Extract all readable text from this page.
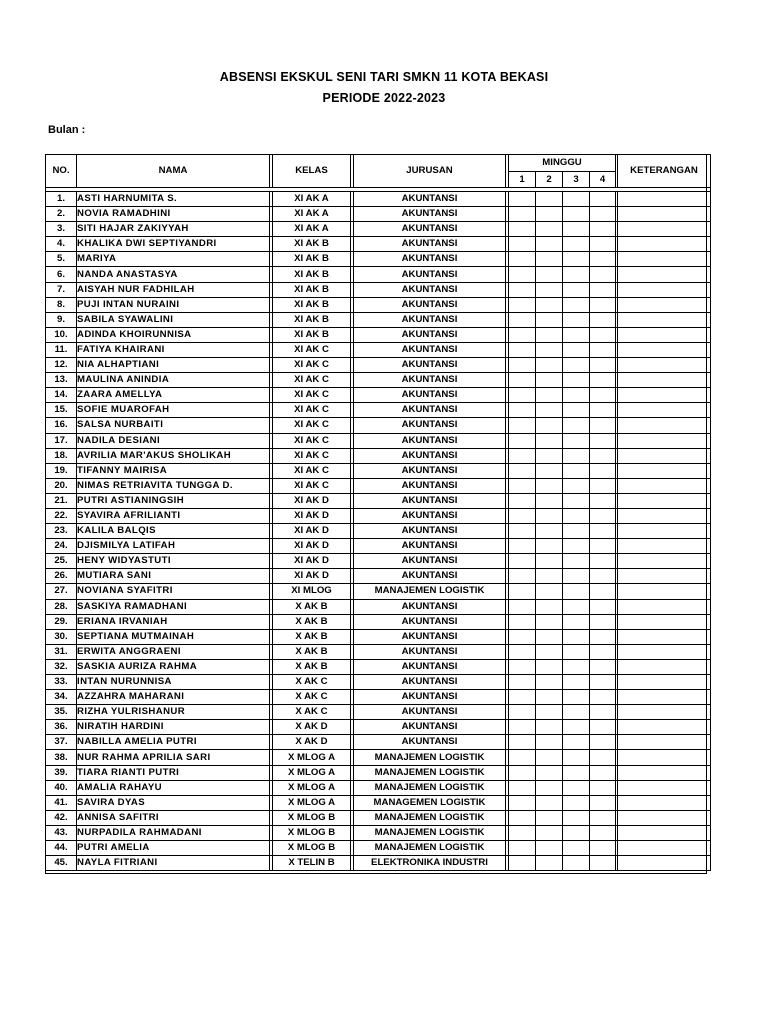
ABSENSI EKSKUL SENI TARI SMKN 11 KOTA BEKASI
PERIODE 2022-2023
Bulan :
NO.	NAMA		KELAS		JURUSAN		MINGGU					KETERANGAN
							1	2	3	4		

1.	ASTI HARNUMITA S.		XI AK A		AKUNTANSI							
2.	NOVIA RAMADHINI		XI AK A		AKUNTANSI							
3.	SITI HAJAR ZAKIYYAH		XI AK A		AKUNTANSI							
4.	KHALIKA DWI SEPTIYANDRI		XI AK B		AKUNTANSI							
5.	MARIYA		XI AK B		AKUNTANSI							
6.	NANDA ANASTASYA		XI AK B		AKUNTANSI							
7.	AISYAH NUR FADHILAH		XI AK B		AKUNTANSI							
8.	PUJI INTAN NURAINI		XI AK B		AKUNTANSI							
9.	SABILA SYAWALINI		XI AK B		AKUNTANSI							
10.	ADINDA KHOIRUNNISA		XI AK B		AKUNTANSI							
11.	FATIYA KHAIRANI		XI AK C		AKUNTANSI							
12.	NIA ALHAPTIANI		XI AK C		AKUNTANSI							
13.	MAULINA ANINDIA		XI AK C		AKUNTANSI							
14.	ZAARA AMELLYA		XI AK C		AKUNTANSI							
15.	SOFIE MUAROFAH		XI AK C		AKUNTANSI							
16.	SALSA NURBAITI		XI AK C		AKUNTANSI							
17.	NADILA DESIANI		XI AK C		AKUNTANSI							
18.	AVRILIA MAR'AKUS SHOLIKAH		XI AK C		AKUNTANSI							
19.	TIFANNY MAIRISA		XI AK C		AKUNTANSI							
20.	NIMAS RETRIAVITA TUNGGA D.		XI AK C		AKUNTANSI							
21.	PUTRI ASTIANINGSIH		XI AK D		AKUNTANSI							
22.	SYAVIRA AFRILIANTI		XI AK D		AKUNTANSI							
23.	KALILA BALQIS		XI AK D		AKUNTANSI							
24.	DJISMILYA LATIFAH		XI AK D		AKUNTANSI							
25.	HENY WIDYASTUTI		XI AK D		AKUNTANSI							
26.	MUTIARA SANI		XI AK D		AKUNTANSI							
27.	NOVIANA SYAFITRI		XI MLOG		MANAJEMEN LOGISTIK							
28.	SASKIYA RAMADHANI		X AK B		AKUNTANSI							
29.	ERIANA IRVANIAH		X AK B		AKUNTANSI							
30.	SEPTIANA MUTMAINAH		X AK B		AKUNTANSI							
31.	ERWITA ANGGRAENI		X AK B		AKUNTANSI							
32.	SASKIA AURIZA RAHMA		X AK B		AKUNTANSI							
33.	INTAN NURUNNISA		X AK C		AKUNTANSI							
34.	AZZAHRA MAHARANI		X AK C		AKUNTANSI							
35.	RIZHA YULRISHANUR		X AK C		AKUNTANSI							
36.	NIRATIH HARDINI		X AK D		AKUNTANSI							
37.	NABILLA AMELIA PUTRI		X AK D		AKUNTANSI							
38.	NUR RAHMA APRILIA SARI		X MLOG A		MANAJEMEN LOGISTIK							
39.	TIARA RIANTI PUTRI		X MLOG A		MANAJEMEN LOGISTIK							
40.	AMALIA RAHAYU		X MLOG A		MANAJEMEN LOGISTIK							
41.	SAVIRA DYAS		X MLOG A		MANAGEMEN LOGISTIK							
42.	ANNISA SAFITRI		X MLOG B		MANAJEMEN LOGISTIK							
43.	NURPADILA RAHMADANI		X MLOG B		MANAJEMEN LOGISTIK							
44.	PUTRI AMELIA		X MLOG B		MANAJEMEN LOGISTIK							
45.	NAYLA FITRIANI		X TELIN B		ELEKTRONIKA INDUSTRI							
